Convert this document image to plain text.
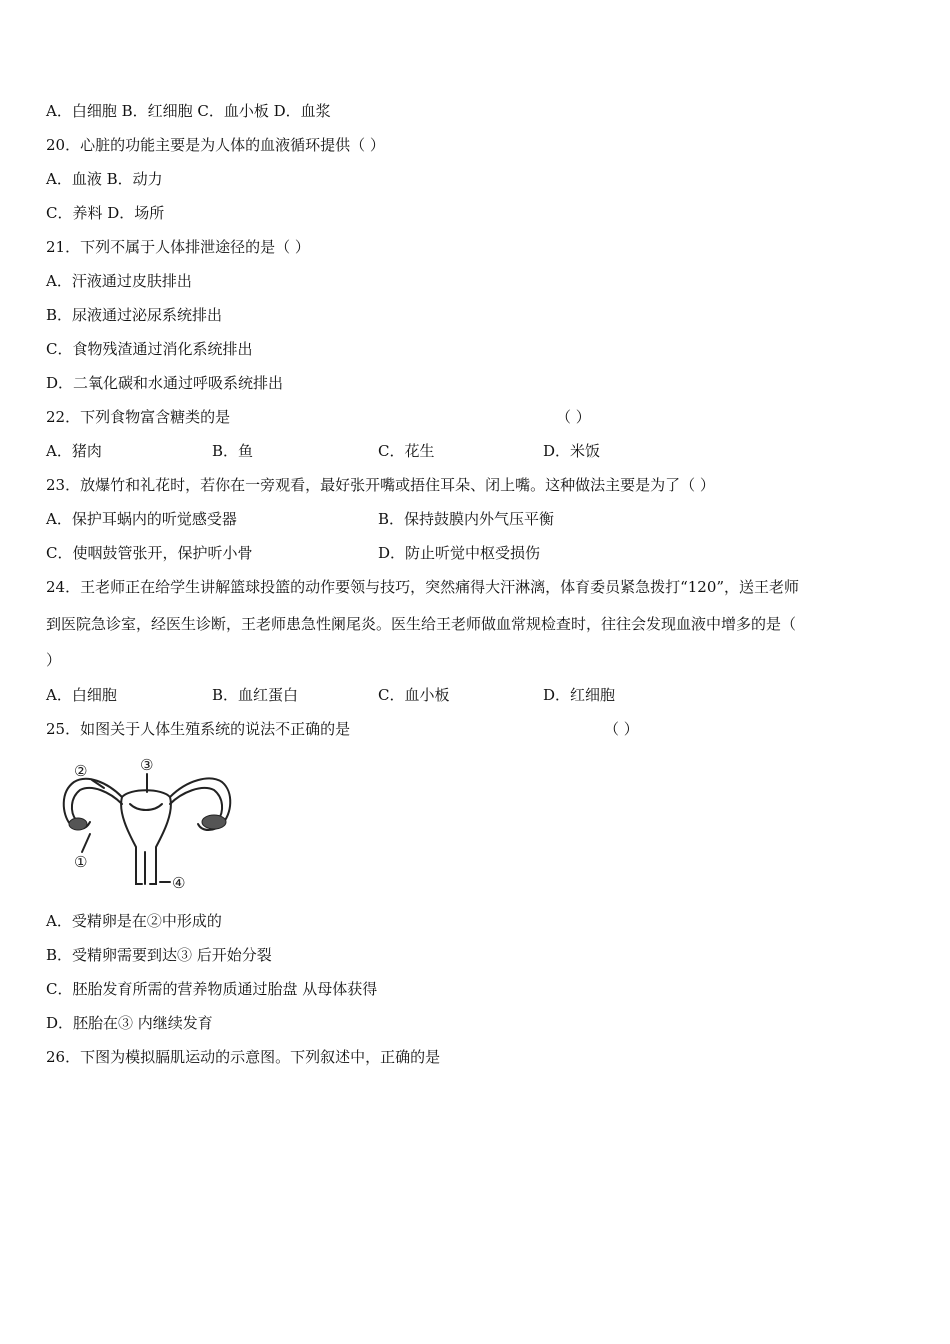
A．白细胞 B．红细胞 C．血小板 D．血浆
20．心脏的功能主要是为人体的血液循环提供（ ）
A．血液 B．动力
C．养料 D．场所
21．下列不属于人体排泄途径的是（ ）
A．汗液通过皮肤排出
B．尿液通过泌尿系统排出
C．食物残渣通过消化系统排出
D．二氧化碳和水通过呼吸系统排出
22．下列食物富含糖类的是	（ ）
A．猪肉	B．鱼	C．花生	D．米饭
23．放爆竹和礼花时，若你在一旁观看，最好张开嘴或捂住耳朵、闭上嘴。这种做法主要是为了（ ）
A．保护耳蜗内的听觉感受器	B．保持鼓膜内外气压平衡
C．使咽鼓管张开，保护听小骨	D．防止听觉中枢受损伤
24．王老师正在给学生讲解篮球投篮的动作要领与技巧，突然痛得大汗淋漓，体育委员紧急拨打“120”，送王老师
到医院急诊室，经医生诊断，王老师患急性阑尾炎。医生给王老师做血常规检查时，往往会发现血液中增多的是（
）
A．白细胞	B．血红蛋白	C．血小板	D．红细胞
25．如图关于人体生殖系统的说法不正确的是	（ ）
②	③
①
④
A．受精卵是在②中形成的
B．受精卵需要到达③ 后开始分裂
C．胚胎发育所需的营养物质通过胎盘 从母体获得
D．胚胎在③ 内继续发育
26．下图为模拟膈肌运动的示意图。下列叙述中，正确的是
